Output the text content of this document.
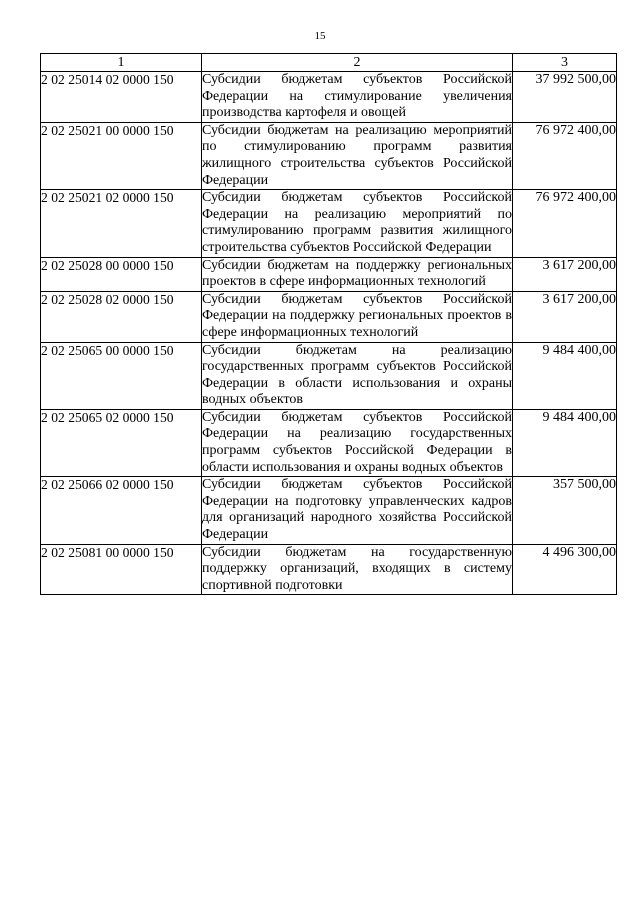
15
1	2	3
2 02 25014 02 0000 150	Субсидии бюджетам субъектов Российской Федерации на стимулирование увеличения производства картофеля и овощей	37 992 500,00
2 02 25021 00 0000 150	Субсидии бюджетам на реализацию мероприятий по стимулированию программ развития жилищного строительства субъектов Российской Федерации	76 972 400,00
2 02 25021 02 0000 150	Субсидии бюджетам субъектов Российской Федерации на реализацию мероприятий по стимулированию программ развития жилищного строительства субъектов Российской Федерации	76 972 400,00
2 02 25028 00 0000 150	Субсидии бюджетам на поддержку региональных проектов в сфере информационных технологий	3 617 200,00
2 02 25028 02 0000 150	Субсидии бюджетам субъектов Российской Федерации на поддержку региональных проектов в сфере информационных технологий	3 617 200,00
2 02 25065 00 0000 150	Субсидии бюджетам на реализацию государственных программ субъектов Российской Федерации в области использования и охраны водных объектов	9 484 400,00
2 02 25065 02 0000 150	Субсидии бюджетам субъектов Российской Федерации на реализацию государственных программ субъектов Российской Федерации в области использования и охраны водных объектов	9 484 400,00
2 02 25066 02 0000 150	Субсидии бюджетам субъектов Российской Федерации на подготовку управленческих кадров для организаций народного хозяйства Российской Федерации	357 500,00
2 02 25081 00 0000 150	Субсидии бюджетам на государственную поддержку организаций, входящих в систему спортивной подготовки	4 496 300,00
